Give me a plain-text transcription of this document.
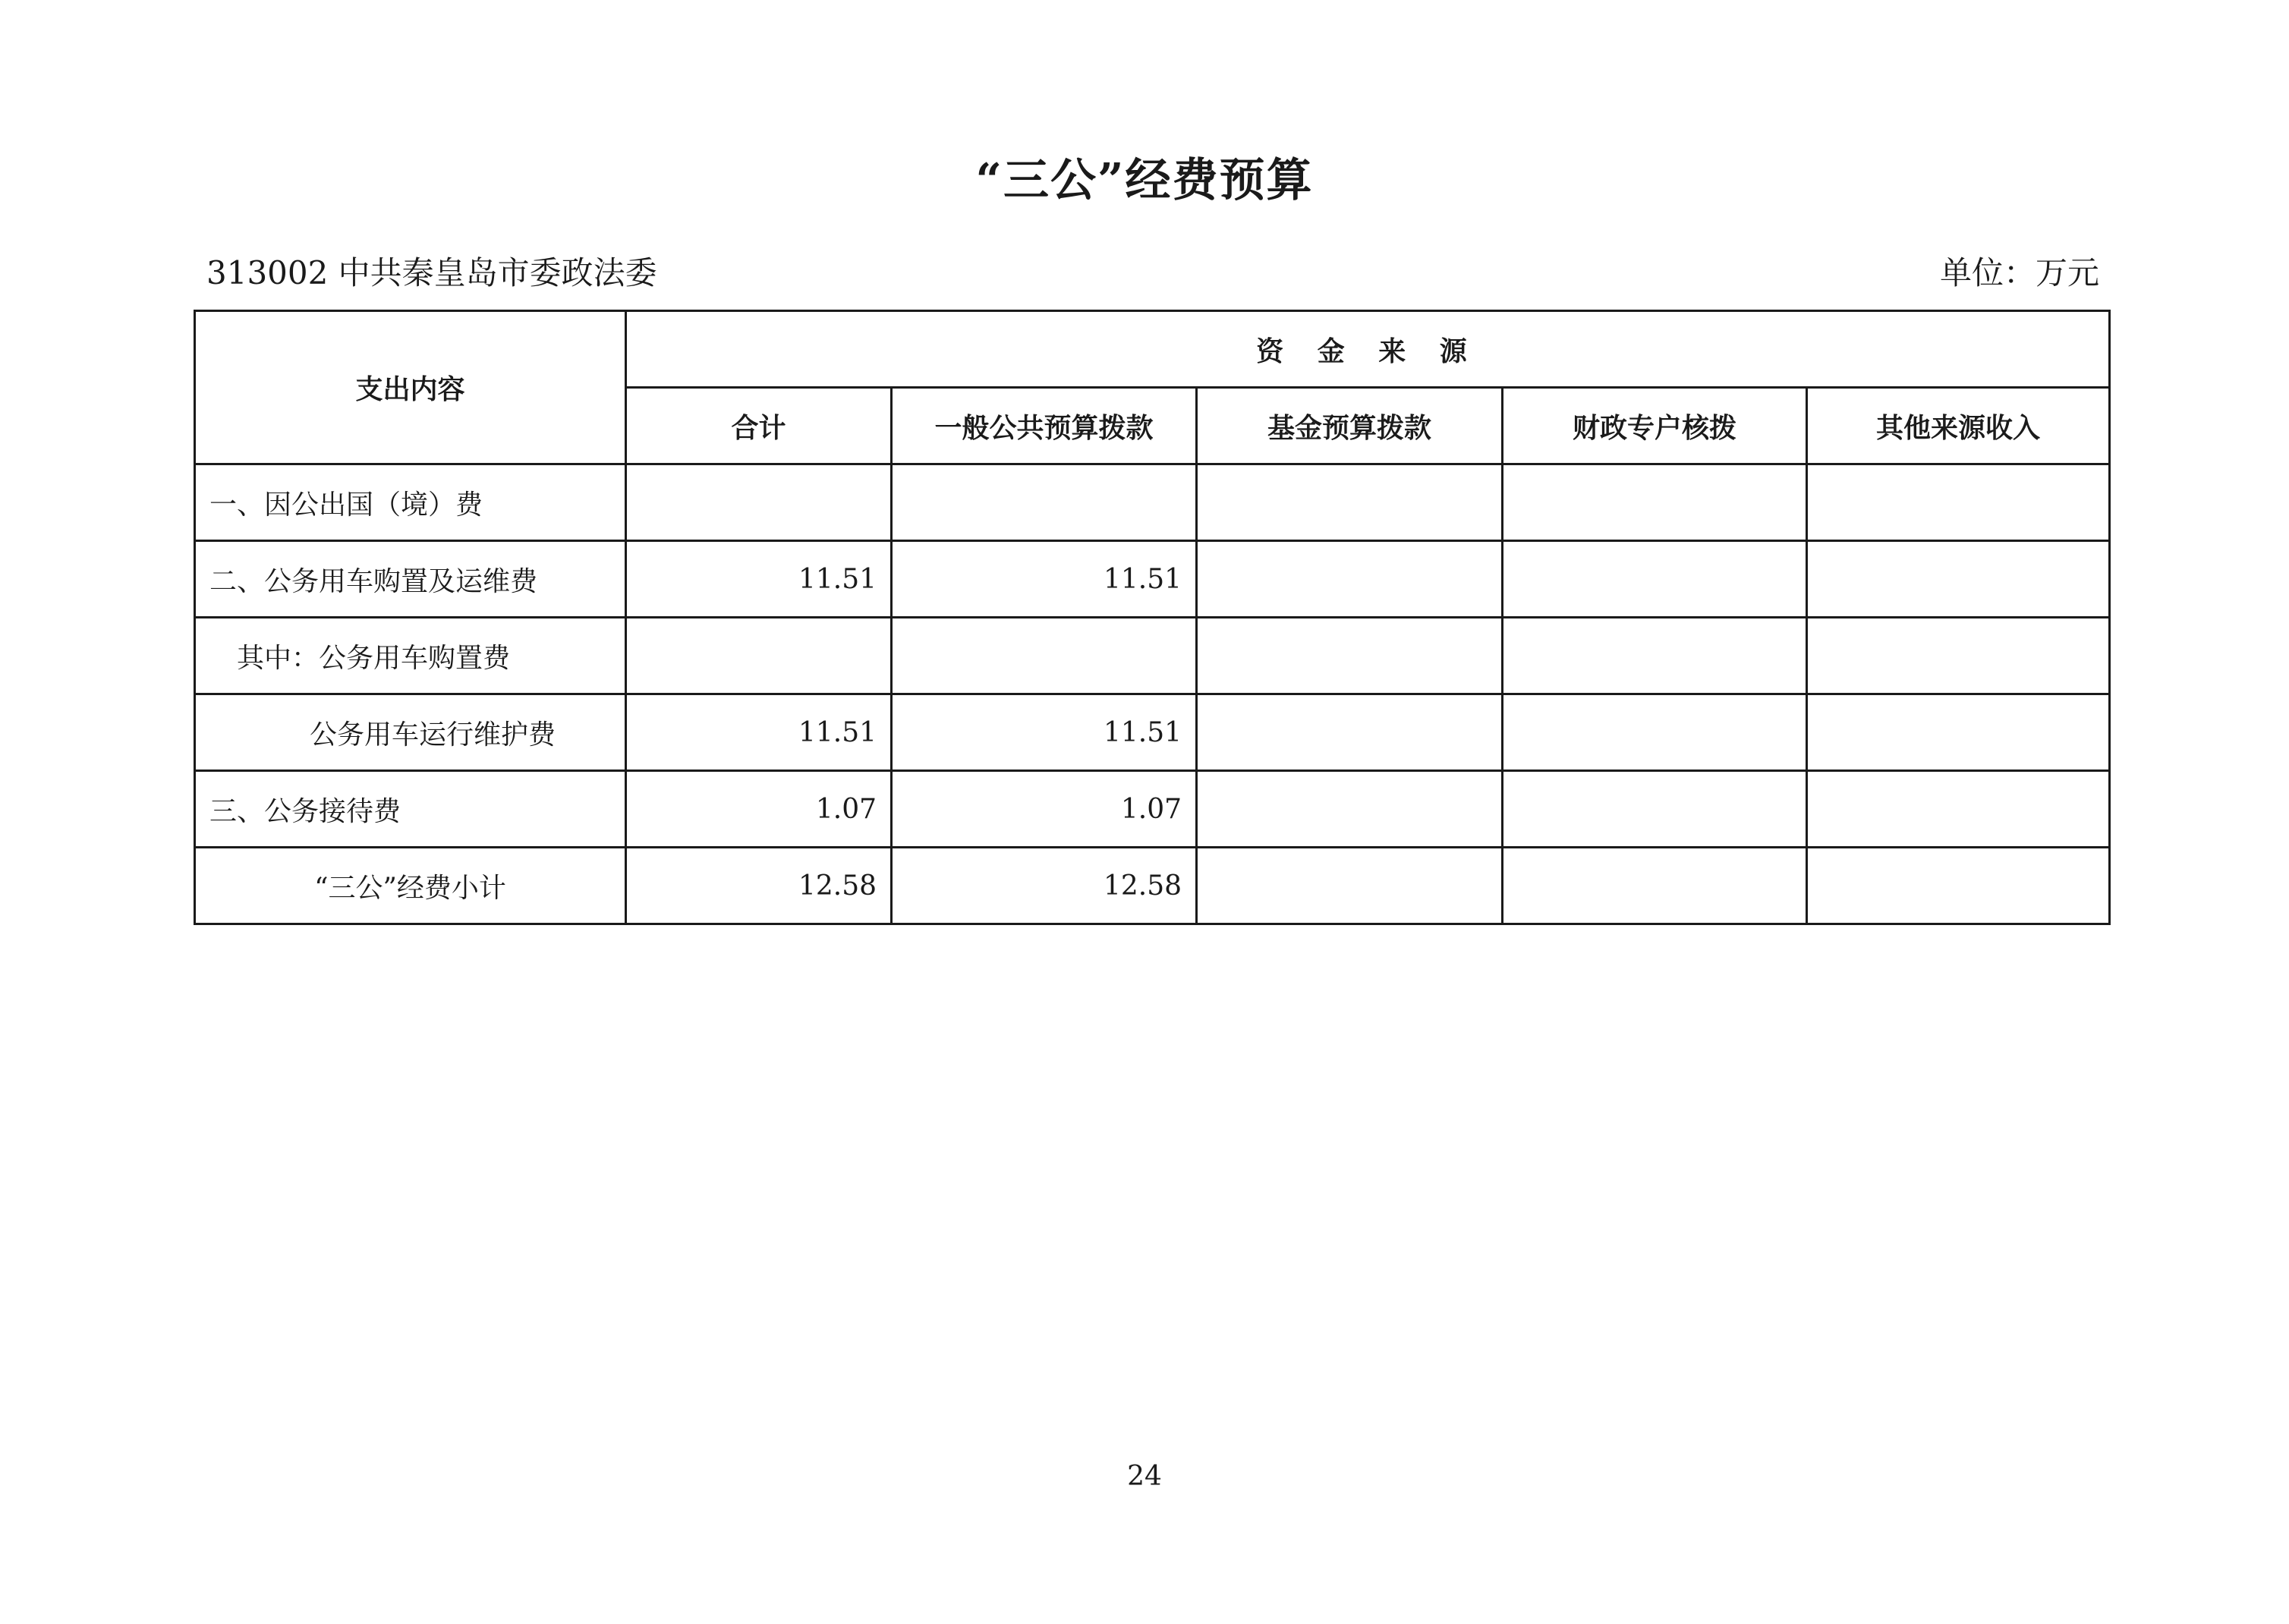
“三公”经费预算
313002 中共秦皇岛市委政法委	单位：万元
支出内容	资 金 来 源				
	合计	一般公共预算拨款	基金预算拨款	财政专户核拨	其他来源收入
一、因公出国（境）费					
二、公务用车购置及运维费	11.51	11.51			
其中：公务用车购置费					
公务用车运行维护费	11.51	11.51			
三、公务接待费	1.07	1.07			
“三公”经费小计	12.58	12.58			
24
